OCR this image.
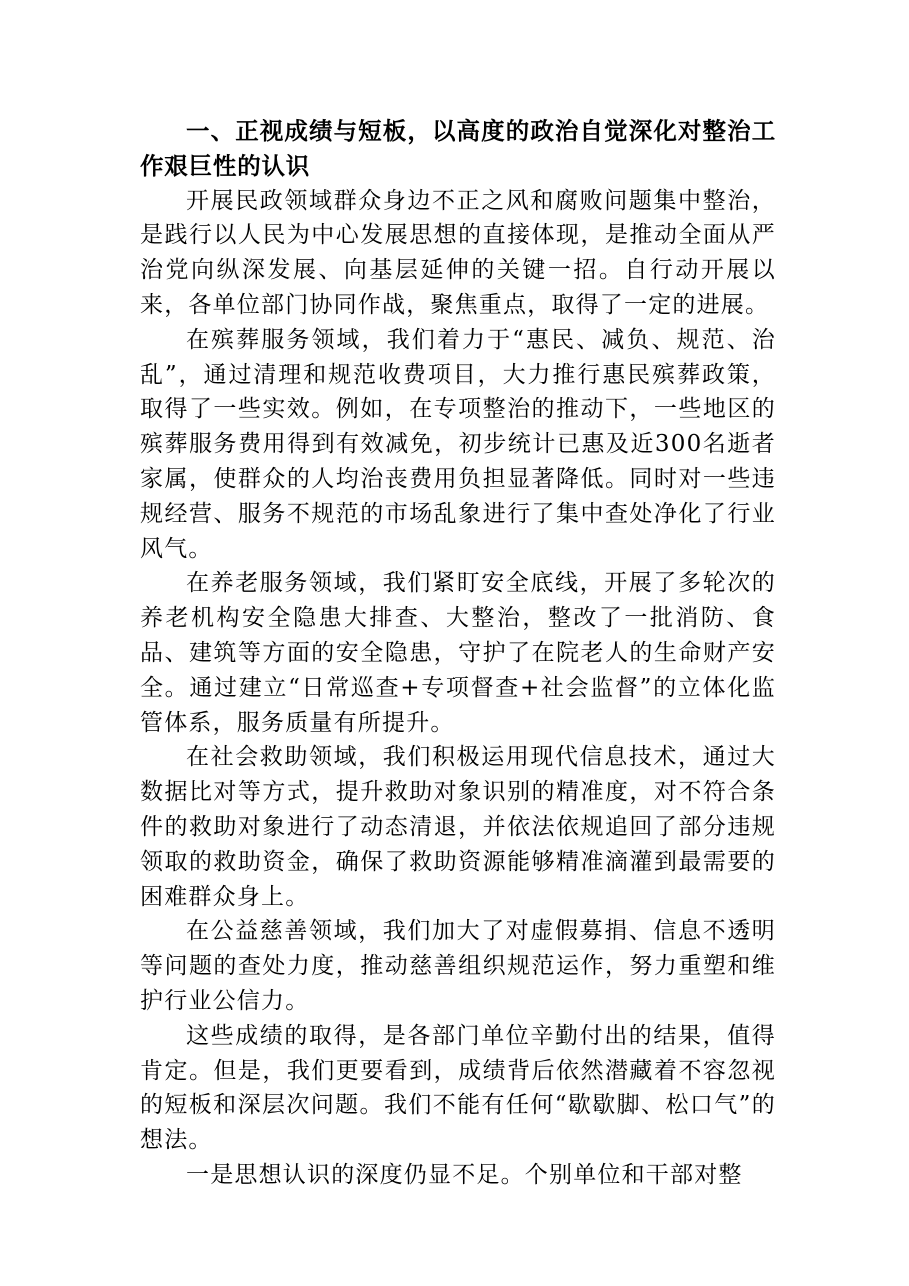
一、正视成绩与短板，以高度的政治自觉深化对整治工作艰巨性的认识

开展民政领域群众身边不正之风和腐败问题集中整治，是践行以人民为中心发展思想的直接体现，是推动全面从严治党向纵深发展、向基层延伸的关键一招。自行动开展以来，各单位部门协同作战，聚焦重点，取得了一定的进展。

在殡葬服务领域，我们着力于“惠民、减负、规范、治乱”，通过清理和规范收费项目，大力推行惠民殡葬政策，取得了一些实效。例如，在专项整治的推动下，一些地区的殡葬服务费用得到有效减免，初步统计已惠及近300名逝者家属，使群众的人均治丧费用负担显著降低。同时对一些违规经营、服务不规范的市场乱象进行了集中查处净化了行业风气。

在养老服务领域，我们紧盯安全底线，开展了多轮次的养老机构安全隐患大排查、大整治，整改了一批消防、食品、建筑等方面的安全隐患，守护了在院老人的生命财产安全。通过建立“日常巡查+专项督查+社会监督”的立体化监管体系，服务质量有所提升。

在社会救助领域，我们积极运用现代信息技术，通过大数据比对等方式，提升救助对象识别的精准度，对不符合条件的救助对象进行了动态清退，并依法依规追回了部分违规领取的救助资金，确保了救助资源能够精准滴灌到最需要的困难群众身上。

在公益慈善领域，我们加大了对虚假募捐、信息不透明等问题的查处力度，推动慈善组织规范运作，努力重塑和维护行业公信力。

这些成绩的取得，是各部门单位辛勤付出的结果，值得肯定。但是，我们更要看到，成绩背后依然潜藏着不容忽视的短板和深层次问题。我们不能有任何“歇歇脚、松口气”的想法。

一是思想认识的深度仍显不足。个别单位和干部对整
